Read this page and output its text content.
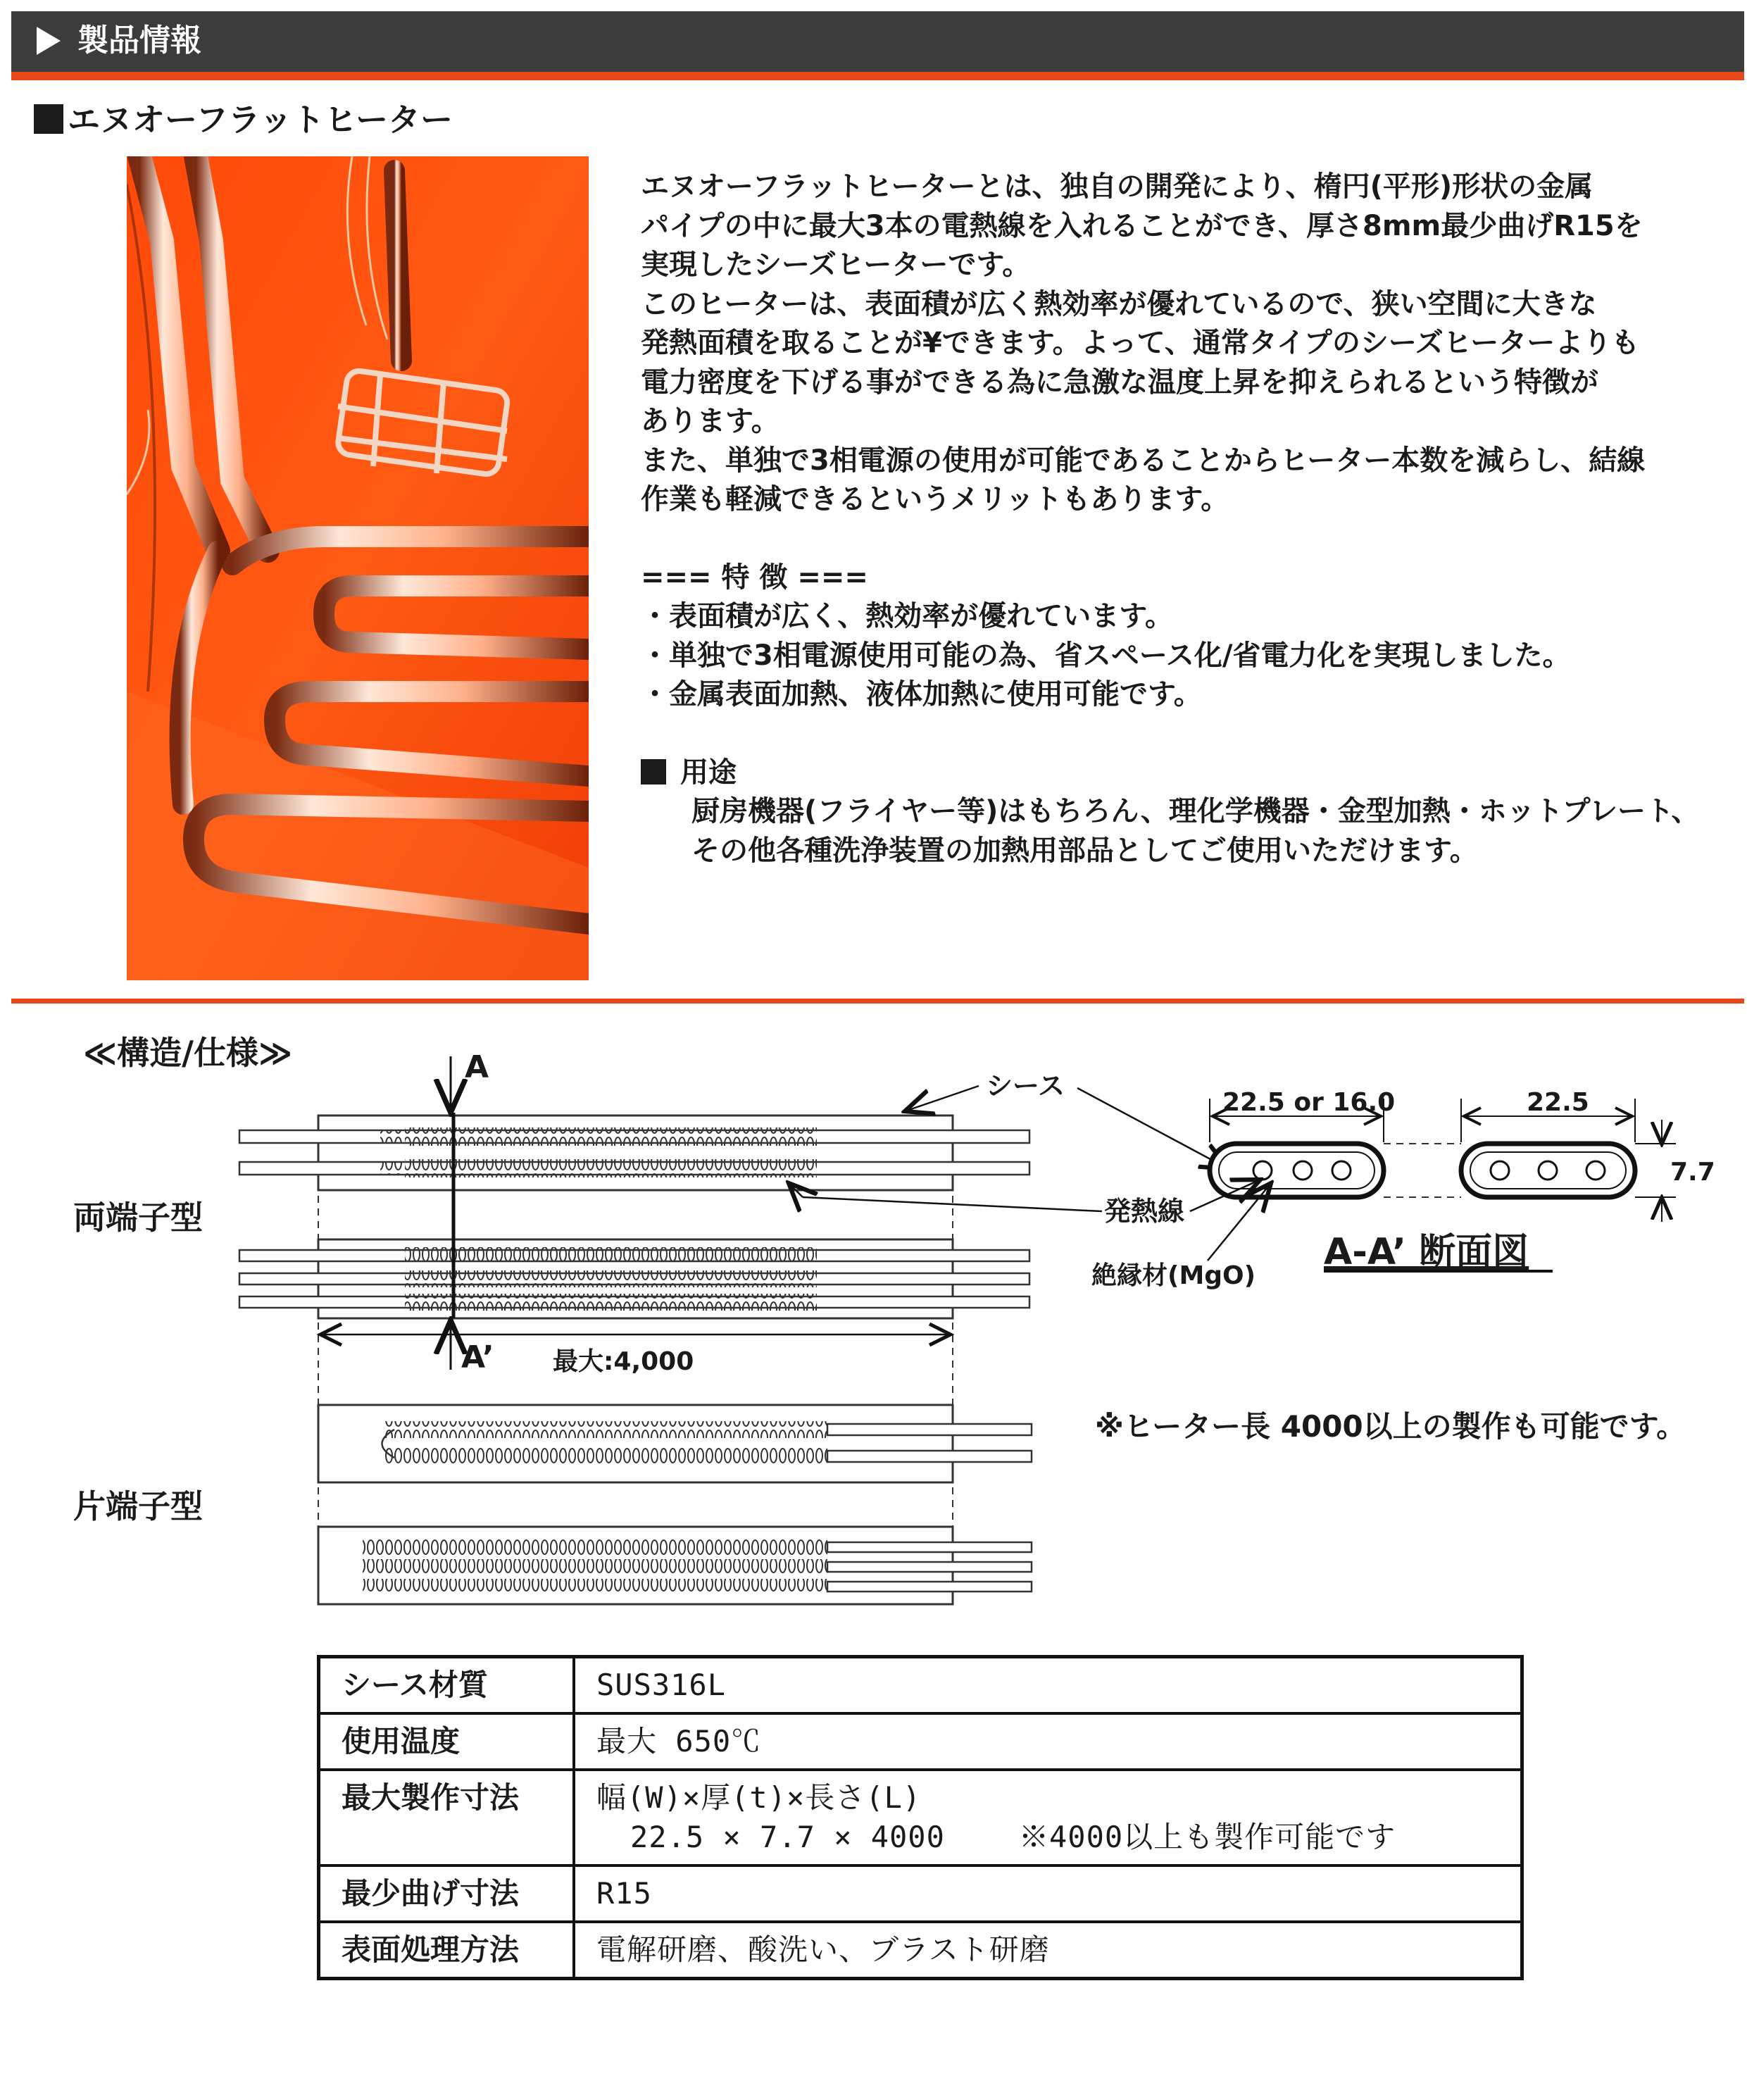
製品情報
エヌオーフラットヒーター

エヌオーフラットヒーターとは、独自の開発により、楕円(平形)形状の金属

パイプの中に最大3本の電熱線を入れることができ、厚さ8mm最少曲げR15を

実現したシーズヒーターです。

このヒーターは、表面積が広く熱効率が優れているので、狭い空間に大きな

発熱面積を取ることが¥できます。よって、通常タイプのシーズヒーターよりも

電力密度を下げる事ができる為に急激な温度上昇を抑えられるという特徴が

あります。

また、単独で3相電源の使用が可能であることからヒーター本数を減らし、結線

作業も軽減できるというメリットもあります。

=== 特 徴 ===

・表面積が広く、熱効率が優れています。

・単独で3相電源使用可能の為、省スペース化/省電力化を実現しました。

・金属表面加熱、液体加熱に使用可能です。

用途

厨房機器(フライヤー等)はもちろん、理化学機器・金型加熱・ホットプレート、

その他各種洗浄装置の加熱用部品としてご使用いただけます。

≪構造/仕様≫	A
A’ 最大:4,000
両端子型
片端子型
シース
22.5 or 16.0	22.5
7.7
発熱線
絶縁材(MgO)
A-A’ 断面図
※ヒーター長 4000以上の製作も可能です。
シース材質	SUS316L

使用温度	最大 650℃

最大製作寸法	幅(W)×厚(t)×長さ(L)
22.5 × 7.7 × 4000    ※4000以上も製作可能です

最少曲げ寸法	R15

表面処理方法	電解研磨、酸洗い、ブラスト研磨
